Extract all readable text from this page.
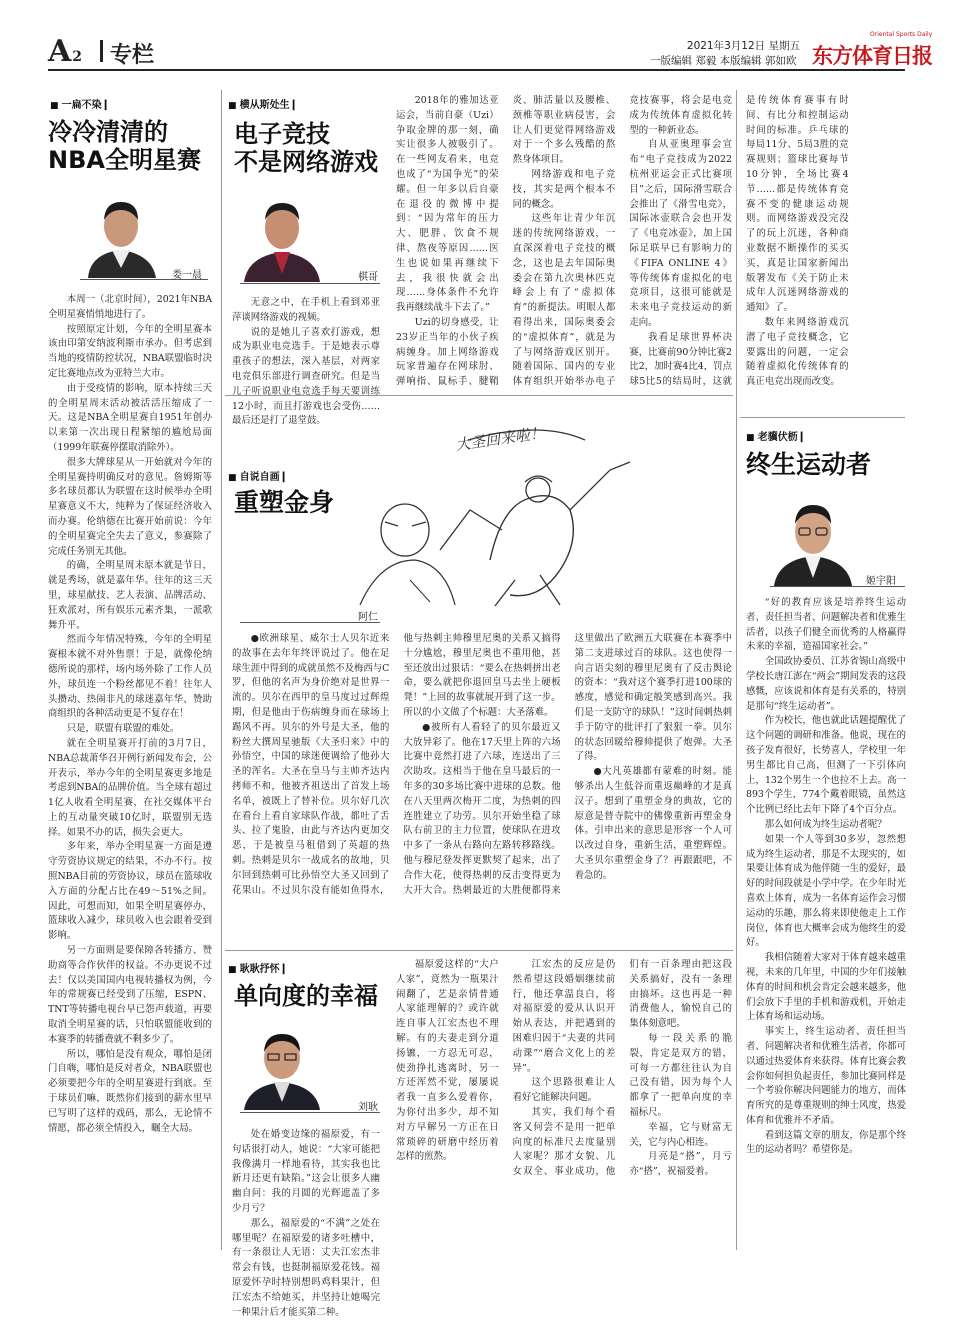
A 2 专栏	2021年3月12日 星期五
一版编辑 郑毅 本版编辑 郭如欧 东方体育日报
Oriental Sports Daily
■ 一扁不染 ▎
冷冷清清的
NBA全明星赛
娄一晨

本周一（北京时间），2021年NBA全明星赛悄悄地进行了。

按照原定计划，今年的全明星赛本该由印第安纳波利斯市承办。但考虑到当地的疫情防控状况，NBA联盟临时决定比赛地点改为亚特兰大市。

由于受疫情的影响，原本持续三天的全明星周末活动被活活压缩成了一天。这是NBA全明星赛自1951年创办以来第一次出现日程紧缩的尴尬局面（1999年联赛停摆取消除外）。

很多大牌球星从一开始就对今年的全明星赛持明确反对的意见。詹姆斯等多名球员都认为联盟在这时候举办全明星赛意义不大，纯粹为了保证经济收入而办赛。伦纳德在比赛开始前说：今年的全明星赛完全失去了意义，参赛除了完成任务别无其他。

的确，全明星周末原本就是节日，就是秀场，就是嘉年华。往年的这三天里，球星献技、艺人表演、品牌活动、狂欢派对，所有娱乐元素齐集，一派歌舞升平。

然而今年情况特殊，今年的全明星赛根本就不对外售票！于是，就像伦纳德所说的那样，场内场外除了工作人员外，球员连一个粉丝都见不着！往年人头攒动、热闹非凡的球迷嘉年华、赞助商组织的各种活动更是不复存在！

只是，联盟有联盟的难处。

就在全明星赛开打前的3月7日，NBA总裁萧华召开例行新闻发布会，公开表示，举办今年的全明星赛更多地是考虑到NBA的品牌价值。当全球有超过1亿人收看全明星赛，在社交媒体平台上的互动量突破10亿时，联盟别无选择。如果不办的话，损失会更大。

多年来，举办全明星赛一方面是遵守劳资协议规定的结果，不办不行。按照NBA目前的劳资协议，球员在篮球收入方面的分配占比在49～51%之间。因此，可想而知，如果全明星赛停办，篮球收入减少，球员收入也会跟着受到影响。

另一方面则是要保障各转播方、赞助商等合作伙伴的权益。不办更说不过去！仅以美国国内电视转播权为例，今年的常规赛已经受到了压缩，ESPN、TNT等转播电视台早已怨声载道，再要取消全明星赛的话，只怕联盟能收到的本赛季的转播费就不剩多少了。

所以，哪怕是没有观众，哪怕是闭门自嗨，哪怕是反对者众，NBA联盟也必须要把今年的全明星赛进行到底。至于球员们嘛，既然你们接到的薪水里早已写明了这样的戏码，那么，无论情不情愿，都必须全情投入，瞩全大局。

■ 横从斯处生 ▎
电子竞技
不是网络游戏
棋哥

无意之中，在手机上看到邓亚萍谈网络游戏的视频。

说的是她儿子喜欢打游戏，想成为职业电竞选手。于是她表示尊重孩子的想法，深入基层，对两家电竞俱乐部进行调查研究。但是当儿子听说职业电竞选手每天要训练12小时，而且打游戏也会受伤……最后还是打了退堂鼓。

2018年的雅加达亚运会，当前自豪（Uzi）争取金牌的那一刻，确实让很多人被吸引了。在一些网友看来，电竞也成了“为国争光”的荣耀。但一年多以后自豪在退役的微博中提到：“因为常年的压力大、肥胖、饮食不规律、熬夜等原因……医生也说如果再继续下去，我很快就会出现……身体条件不允许我再继续战斗下去了。”

Uzi的切身感受，让23岁正当年的小伙子疾病缠身。加上网络游戏玩家普遍存在网球肘、弹响指、鼠标手、腱鞘炎、肺活量以及腰椎、颈椎等职业病侵害，会让人们更觉得网络游戏对于一个多么残酷的熬熬身体项目。

网络游戏和电子竞技，其实是两个根本不同的概念。

这些年让青少年沉迷的传统网络游戏，一直深深着电子竞技的概念，这也是去年国际奥委会在第九次奥林匹克峰会上有了“虚拟体育”的新提法。明眼人都看得出来，国际奥委会的“虚拟体育”，就是为了与网络游戏区别开。随着国际、国内的专业体育组织开始举办电子竞技赛事，将会是电竞成为传统体育虚拟化转型的一种新业态。

自从亚奥理事会宣布“电子竞技成为2022杭州亚运会正式比赛项目”之后，国际滑雪联合会推出了《滑雪电竞》，国际冰壶联合会也开发了《电竞冰壶》，加上国际足联早已有影响力的《FIFA ONLINE 4》等传统体育虚拟化的电竞项目，这很可能就是未来电子竞技运动的新走向。

我看足球世界杯决赛，比赛前90分钟比赛2比2，加时赛4比4，罚点球5比5的结局时，这就是传统体育赛事有时间、有比分和控制运动时间的标准。乒乓球的每局11分、5局3胜的竞赛规则；篮球比赛每节10分钟，全场比赛4节……都是传统体育竞赛不变的健康运动规则。而网络游戏没完没了的玩上沉迷，各种商业数据不断操作的买买买，真是让国家新闻出版署发布《关于防止未成年人沉迷网络游戏的通知》了。

数年来网络游戏沉潜了电子竞技概念，它要露出的问题，一定会随着虚拟化传统体育的真正电竞出现而改变。

■ 自说自画 ▎
重塑金身
大圣回来啦！
阿仁

●欧洲球星、威尔士人贝尔近来的故事在去年年终评说过了。他在足球生涯中得到的成就虽然不及梅西与C罗，但他的名声为身价绝对是世界一流的。贝尔在西甲的皇马度过过辉煌期，但是他由于伤病缠身而在球场上踢风不再。贝尔的外号是大圣，他的粉丝大撰周星驰版《大圣归来》中的孙悟空，中国的球迷便调给了他孙大圣的浑名。大圣在皇马与主帅齐达内拷师不和，他被齐祖送出了首发上场名单，被既上了替补位。贝尔好几次在看台上看自家球队作战，都吐了舌头、拉了鬼脸，由此与齐达内更加交恶，于是被皇马租借到了英超的热刺。热刺是贝尔一战成名的故地，贝尔回到热刺可比孙悟空大圣又回到了花果山。不过贝尔没有能如鱼得水，他与热刺主帅穆里尼奥的关系又搞得十分尴尬，穆里尼奥也不重用他，甚至还放出过狠话：“要么在热刺拼出老命，要么就把你退回皇马去坐上硬板凳！”上回的故事就展开到了这一步。所以的小文做了个标题：大圣落难。

●被所有人看轻了的贝尔最近又大放异彩了。他在17天里上阵的六场比赛中竟然打进了六球，连送出了三次助攻。这相当于他在皇马最后的一年多的30多场比赛中进球的总数。他在八天里两次梅开二度，为热刺的四连胜建立了功劳。贝尔开始坐稳了球队右前卫的主力位置，使球队在进攻中多了一条从右路向左路转移路线。他与穆尼登发挥更默契了起来，出了合作大花，使得热刺的反击变得更为大开大合。热刺最近的大胜便都得来这里做出了欧洲五大联赛在本赛季中第二支进球过百的球队。这也使得一向言语尖刻的穆里尼奥有了反击舆论的资本：“我对这个赛季打进100球的感度，感觉和确定般笑感到高兴。我们是一支防守的球队！”这时间刺热刺手于防守的批评打了狠狠一拳。贝尔的状态回暖给穆帅提供了炮弹。大圣了得。

●大凡英雄都有蒙难的时刻。能够杀出人生低谷而重返巅峰的才是真汉子。想到了重塑金身的典故，它的原意是替寺院中的佛像重新再塑金身体。引申出来的意思是形容一个人可以改过自身，重新生活，重塑辉煌。大圣贝尔重塑金身了？再跟跟吧，不着急的。

■ 耿耿抒怀 ▎
单向度的幸福
刘耿

处在婚变边缘的福原爱，有一句话很打动人，她说：“大家可能把我像满月一样地看待，其实我也比新月还更有缺陷。”这会让很多人幽幽自问：我的月圆的光辉遮盖了多少月亏？

那么，福原爱的“不满”之处在哪里呢？在福原爱的诸多吐槽中，有一条很让人无语：丈夫江宏杰非常会有钱，也挺制福原爱花钱。福原爱怀孕时特别想吗鸡料果汁，但江宏杰不给她买，并坚持让她喝完一种果汁后才能买第二种。

福原爱这样的“大户人家”，竟然为一瓶果汁闹翻了，艺是亲情普通人家能理解的？或许就连自事人江宏杰也不理解。有的夫妻走到分道扬镳，一方忍无可忍，使劲挣扎逃离时，另一方还浑然不觉，屡屡说者我一直多么爱着你，为你付出多少，却不知对方早解另一方正在日常琐碎的研磨中经历着怎样的煎熬。

江宏杰的反应是仍然希望这段婚姻继续前行，他还拿温良白，将对福原爱的爱从认识开始从表达，并把遇到的困难归因于“夫妻的共同动课”“磨合文化上的差异”。

这个思路很难让人看好它能解决问题。

其实，我们每个看客又何尝不是用一把单向度的标准尺去度量别人家呢？那才女貌、儿女双全、事业成功，他们有一百条理由把这段关系搞好，没有一条理由搞坏。这也再是一种消费他人，愉悦自己的集体刻意吧。

每一段关系的脆裂，肯定是双方的错，可每一方都往往认为自己没有错，因为每个人都拿了一把单向度的幸福标尺。

幸福，它与财富无关，它与内心相连。

月亮是“搭”，月亏亦“搭”，祝福爱着。

■ 老骥伏枥 ▎
终生运动者
姬宇阳

“好的教育应该是培养终生运动者、责任担当者、问题解决者和优雅生活者，以孩子们健全而优秀的人格赢得未来的幸福，造福国家社会。”

全国政协委员、江苏省锡山高级中学校长唐江澎在“两会”期间发表的这段感慨，应该说和体育是有关系的，特别是那句“终生运动者”。

作为校长，他也就此话题提醒优了这个问题的调研和准备。他说，现在的孩子发育很好，长势喜人，学校里一年男生都比自己高，但测了一下引体向上，132个男生一个也拉不上去。高一893个学生，774个戴着眼镜，虽然这个比例已经比去年下降了4个百分点。

那么如何成为终生运动者呢？

如果一个人等到30多岁，忽然想成为终生运动者，那是不太现实的，如果要让体育成为他伴随一生的爱好，最好的时间段就是小学中学。在少年时光喜欢上体育，成为一名体育运作会习惯运动的乐趣，那么将来即使他走上工作岗位，体育也大概率会成为他终生的爱好。

我相信随着大家对于体育越来越重视，未来的几年里，中国的少年们接触体育的时间和机会肯定会越来越多，他们会放下手里的手机和游戏机，开始走上体育场和运动场。

事实上，终生运动者、责任担当者、问题解决者和优雅生活者，你都可以通过热爱体育来获得。体育比赛会教会你如何担负起责任，参加比赛同样是一个考验你解决问题能力的地方，而体育所究的是尊重规则的绅士风度，热爱体育和优雅并不矛盾。

看到这篇文章的朋友，你是那个终生的运动者吗？希望你是。
